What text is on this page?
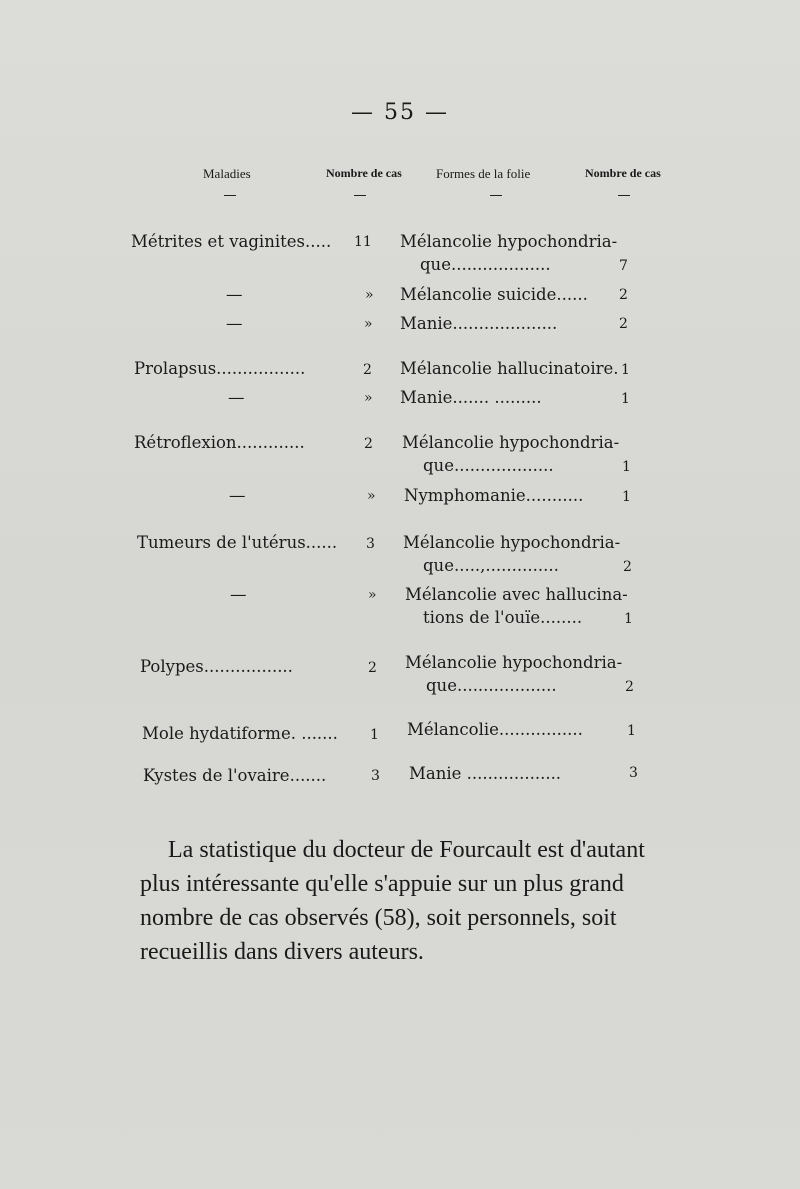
— 55 —
Maladies	Nombre de cas	Formes de la folie	Nombre de cas
Métrites et vaginites..... 11 Mélancolie hypochondria-
que...................	7
—	» Mélancolie suicide...... 2
—	» Manie....................	2
Prolapsus.................	2 Mélancolie hallucinatoire. 1
—	» Manie....... .........	1
Rétroflexion.............	2 Mélancolie hypochondria-
que...................	1
—	» Nymphomanie...........	1
Tumeurs de l'utérus...... 3 Mélancolie hypochondria-
que.....,..............	2
—	» Mélancolie avec hallucina-
tions de l'ouïe........	1
Polypes.................	2 Mélancolie hypochondria-
que...................	2
Mole hydatiforme. ....... 1 Mélancolie................	1
Kystes de l'ovaire.......	3 Manie ..................	3
La statistique du docteur de Fourcault est d'autant
plus intéressante qu'elle s'appuie sur un plus grand
nombre de cas observés (58), soit personnels, soit
recueillis dans divers auteurs.
